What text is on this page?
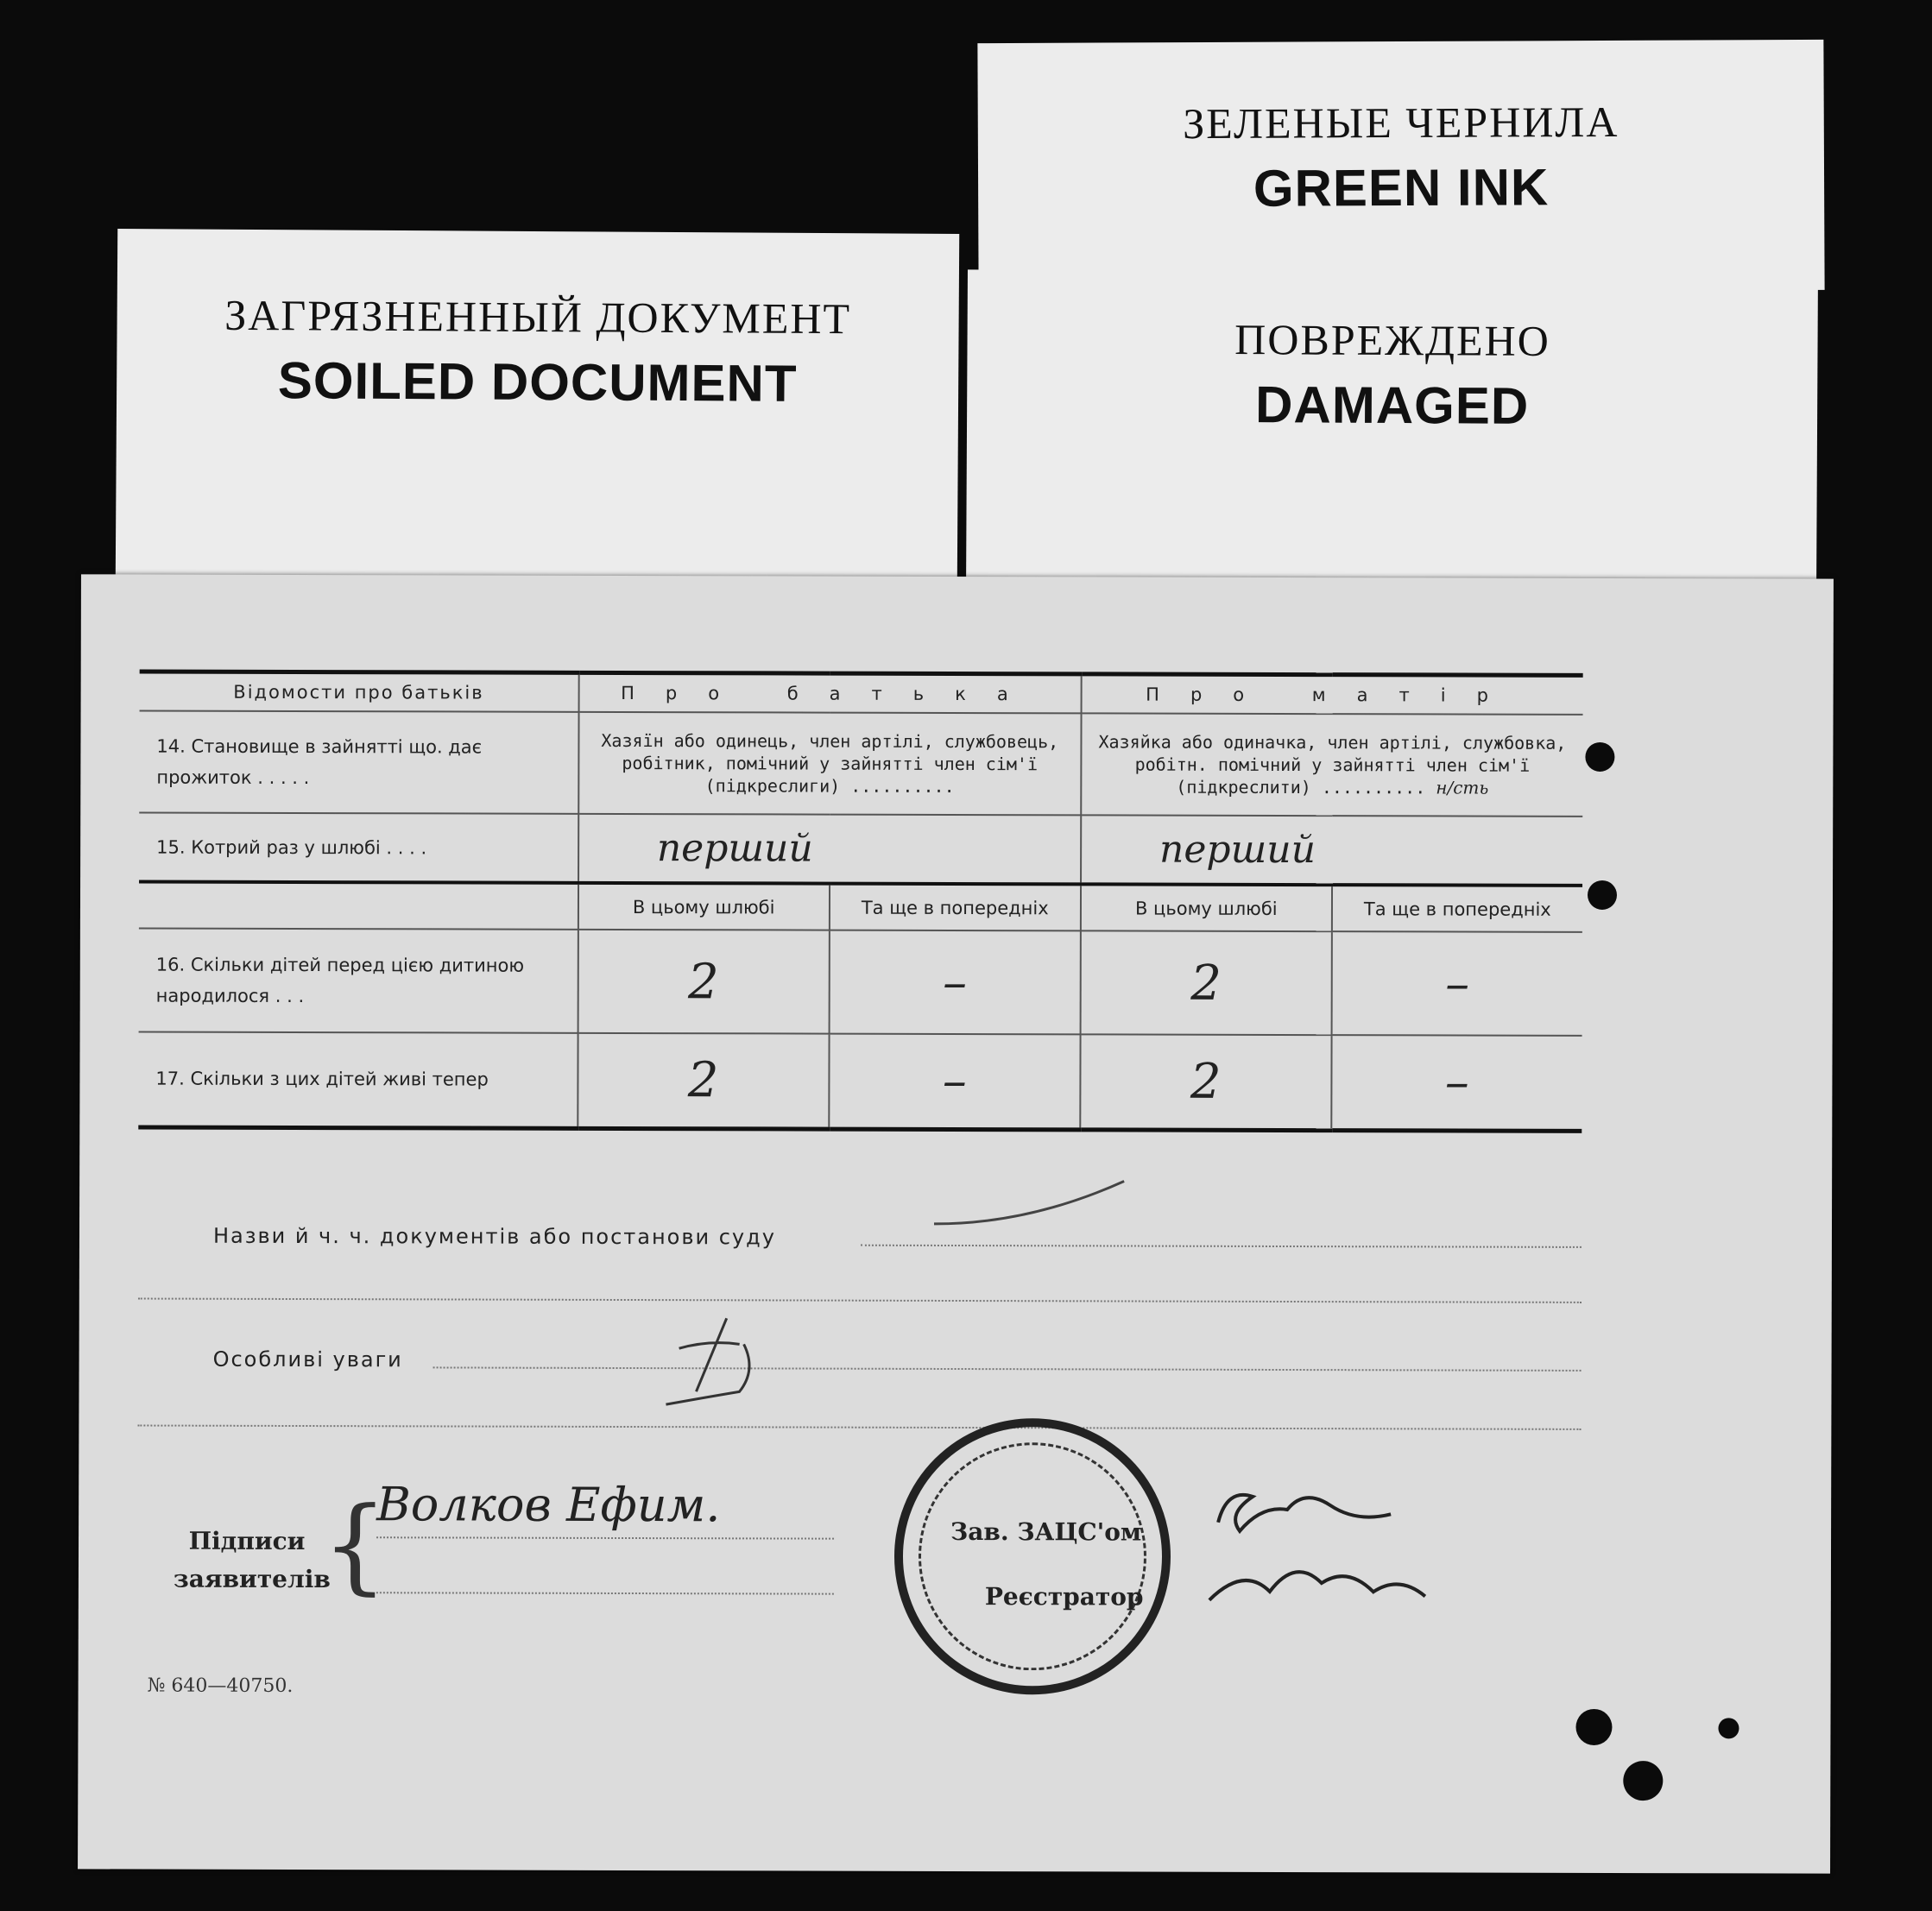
ЗАГРЯЗНЕННЫЙ ДОКУМЕНТ
SOILED DOCUMENT
ЗЕЛЕНЫЕ ЧЕРНИЛА
GREEN INK
ПОВРЕЖДЕНО
DAMAGED
Відомости про батьків	Про батька		Про матір	
14. Становище в зайнятті що. дає прожиток . . . . .	Хазяїн або одинець, член артілі, службовець, робітник, помічний у зайнятті член сім'ї (підкреслиги) ..........		Хазяйка або одиначка, член артілі, службовка, робітн. помічний у зайнятті член сім'ї (підкреслити) .......... н/сть	
15. Котрий раз у шлюбі . . . .	перший		перший	
	В цьому шлюбі	Та ще в попередніх	В цьому шлюбі	Та ще в попередніх
16. Скільки дітей перед цією дитиною народилося . . .	2	–	2	–
17. Скільки з цих дітей живі тепер	2	–	2	–
Назви й ч. ч. документів або постанови суду
Особливі уваги
Підписи
заявителів
{
Волков Ефим.	Зав. ЗАЦС'ом
Реєстратор
№ 640—40750.
